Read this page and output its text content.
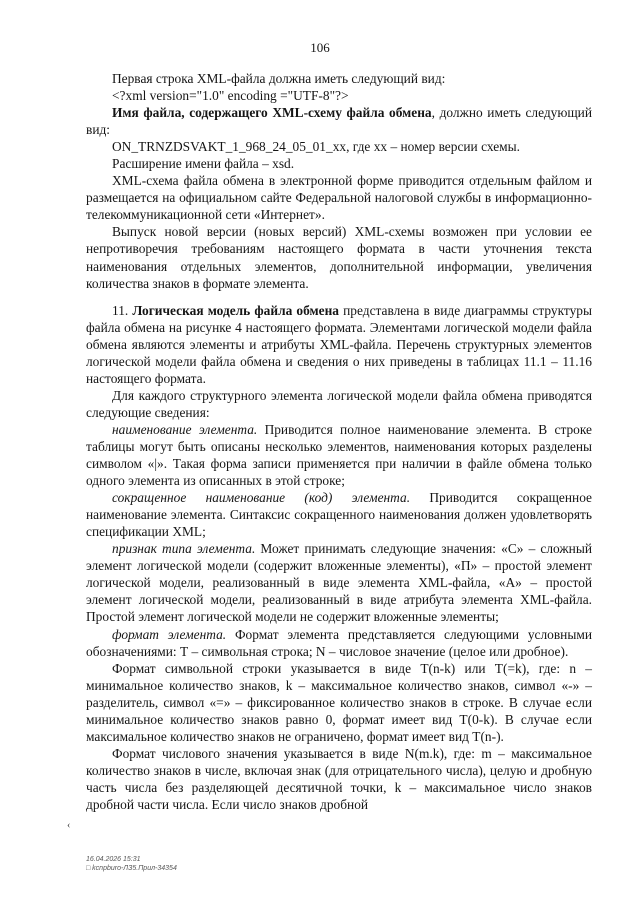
106

Первая строка XML-файла должна иметь следующий вид:

<?xml version="1.0" encoding ="UTF-8"?>

Имя файла, содержащего XML-схему файла обмена, должно иметь следующий вид:

ON_TRNZDSVAKT_1_968_24_05_01_xx, где хх – номер версии схемы.

Расширение имени файла – xsd.

XML-схема файла обмена в электронной форме приводится отдельным файлом и размещается на официальном сайте Федеральной налоговой службы в информационно-телекоммуникационной сети «Интернет».

Выпуск новой версии (новых версий) XML-схемы возможен при условии ее непротиворечия требованиям настоящего формата в части уточнения текста наименования отдельных элементов, дополнительной информации, увеличения количества знаков в формате элемента.

11. Логическая модель файла обмена представлена в виде диаграммы структуры файла обмена на рисунке 4 настоящего формата. Элементами логической модели файла обмена являются элементы и атрибуты XML-файла. Перечень структурных элементов логической модели файла обмена и сведения о них приведены в таблицах 11.1 – 11.16 настоящего формата.

Для каждого структурного элемента логической модели файла обмена приводятся следующие сведения:

наименование элемента. Приводится полное наименование элемента. В строке таблицы могут быть описаны несколько элементов, наименования которых разделены символом «|». Такая форма записи применяется при наличии в файле обмена только одного элемента из описанных в этой строке;

сокращенное наименование (код) элемента. Приводится сокращенное наименование элемента. Синтаксис сокращенного наименования должен удовлетворять спецификации XML;

признак типа элемента. Может принимать следующие значения: «С» – сложный элемент логической модели (содержит вложенные элементы), «П» – простой элемент логической модели, реализованный в виде элемента XML-файла, «А» – простой элемент логической модели, реализованный в виде атрибута элемента XML-файла. Простой элемент логической модели не содержит вложенные элементы;

формат элемента. Формат элемента представляется следующими условными обозначениями: Т – символьная строка; N – числовое значение (целое или дробное).

Формат символьной строки указывается в виде Т(n-k) или Т(=k), где: n – минимальное количество знаков, k – максимальное количество знаков, символ «-» – разделитель, символ «=» – фиксированное количество знаков в строке. В случае если минимальное количество знаков равно 0, формат имеет вид Т(0-k). В случае если максимальное количество знаков не ограничено, формат имеет вид Т(n-).

Формат числового значения указывается в виде N(m.k), где: m – максимальное количество знаков в числе, включая знак (для отрицательного числа), целую и дробную часть числа без разделяющей десятичной точки, k – максимальное число знаков дробной части числа. Если число знаков дробной

‹
16.04.2026 15:31
□ kcnpburo-ЛЗ5.Прил-34354
